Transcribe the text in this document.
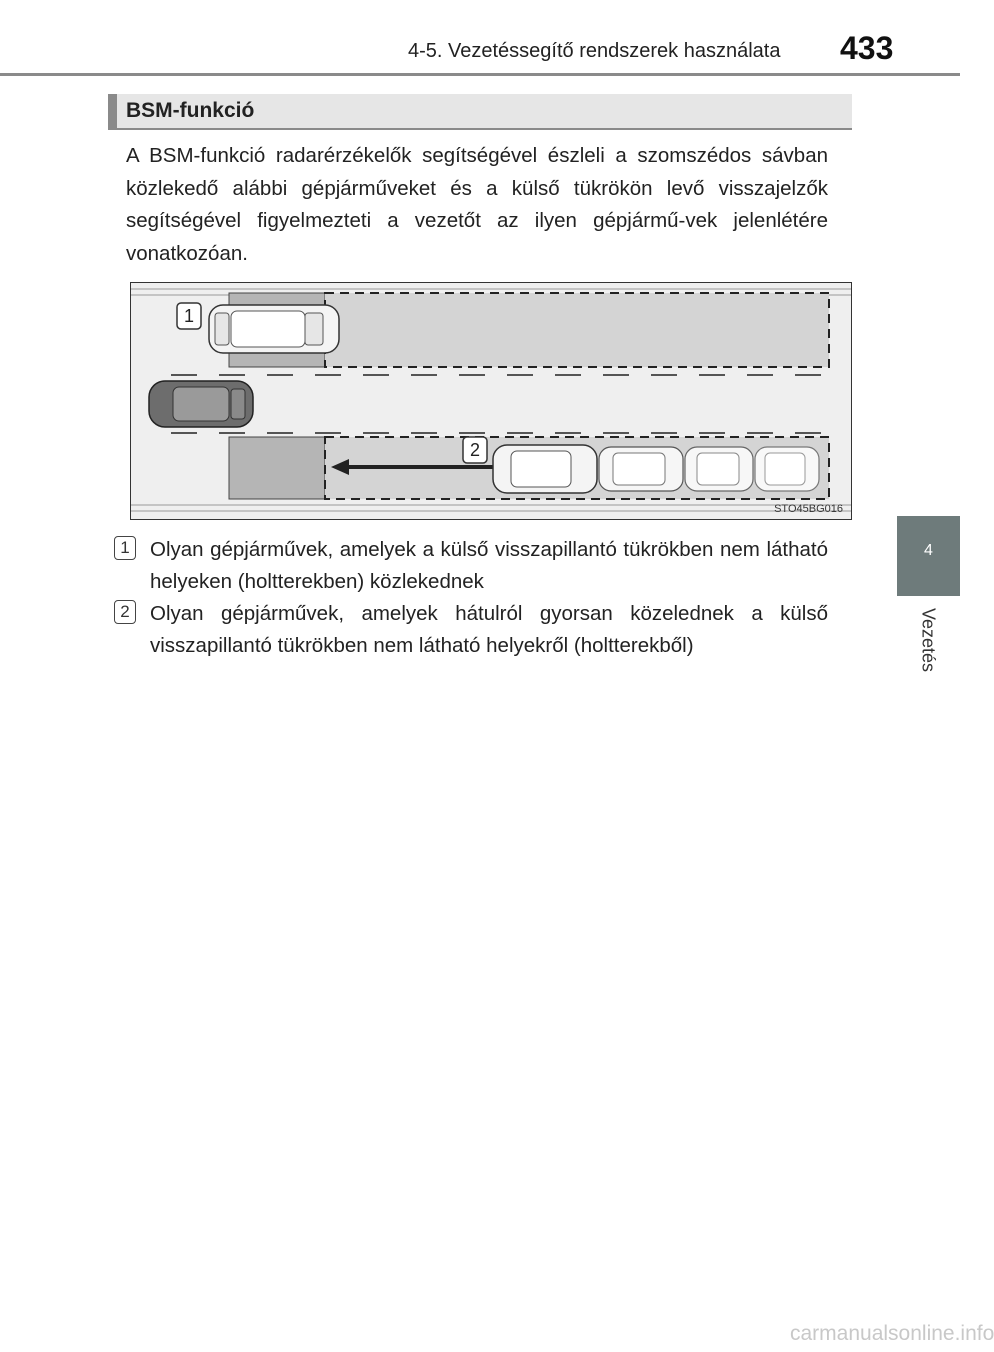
4-5. Vezetéssegítő rendszerek használata 433
BSM-funkció
A BSM-funkció radarérzékelők segítségével észleli a szomszédos sávban közlekedő alábbi gépjárműveket és a külső tükrökön levő visszajelzők segítségével figyelmezteti a vezetőt az ilyen gépjármű-vek jelenlétére vonatkozóan.
1
2
STO45BG016
1 Olyan gépjárművek, amelyek a külső visszapillantó tükrökben nem látható helyeken (holtterekben) közlekednek
2 Olyan gépjárművek, amelyek hátulról gyorsan közelednek a külső visszapillantó tükrökben nem látható helyekről (holtterekből)
4
Vezetés
carmanualsonline.info
